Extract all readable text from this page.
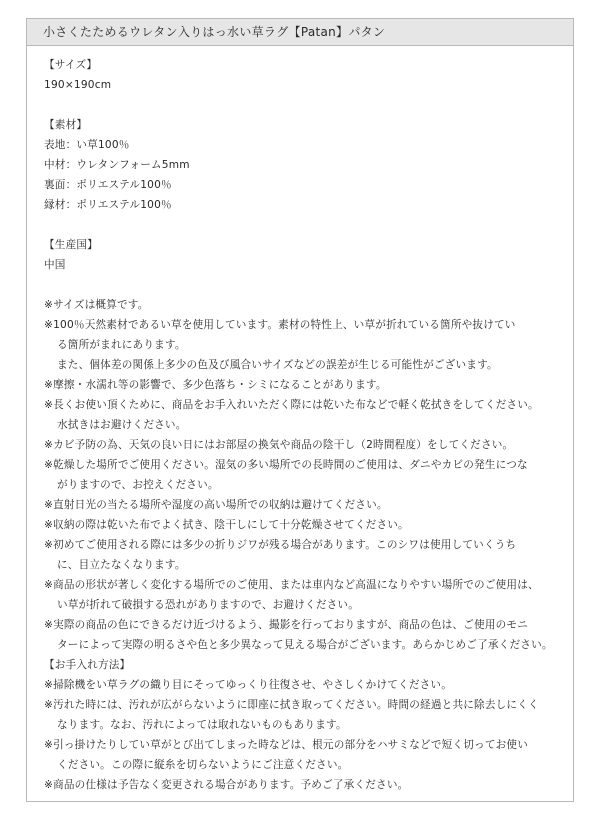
小さくたためるウレタン入りはっ水い草ラグ【Patan】パタン
【サイズ】
190×190cm
【素材】
表地：い草100％
中材：ウレタンフォーム5mm
裏面：ポリエステル100％
縁材：ポリエステル100％
【生産国】
中国
※サイズは概算です。
※100％天然素材であるい草を使用しています。素材の特性上、い草が折れている箇所や抜けてい
る箇所がまれにあります。
また、個体差の関係上多少の色及び風合いサイズなどの誤差が生じる可能性がございます。
※摩擦・水濡れ等の影響で、多少色落ち・シミになることがあります。
※長くお使い頂くために、商品をお手入れいただく際には乾いた布などで軽く乾拭きをしてください。
水拭きはお避けください。
※カビ予防の為、天気の良い日にはお部屋の換気や商品の陰干し（2時間程度）をしてください。
※乾燥した場所でご使用ください。湿気の多い場所での長時間のご使用は、ダニやカビの発生につな
がりますので、お控えください。
※直射日光の当たる場所や湿度の高い場所での収納は避けてください。
※収納の際は乾いた布でよく拭き、陰干しにして十分乾燥させてください。
※初めてご使用される際には多少の折りジワが残る場合があります。このシワは使用していくうち
に、目立たなくなります。
※商品の形状が著しく変化する場所でのご使用、または車内など高温になりやすい場所でのご使用は、
い草が折れて破損する恐れがありますので、お避けください。
※実際の商品の色にできるだけ近づけるよう、撮影を行っておりますが、商品の色は、ご使用のモニ
ターによって実際の明るさや色と多少異なって見える場合がございます。あらかじめご了承ください。
【お手入れ方法】
※掃除機をい草ラグの織り目にそってゆっくり往復させ、やさしくかけてください。
※汚れた時には、汚れが広がらないように即座に拭き取ってください。時間の経過と共に除去しにくく
なります。なお、汚れによっては取れないものもあります。
※引っ掛けたりしてい草がとび出てしまった時などは、根元の部分をハサミなどで短く切ってお使い
ください。この際に縦糸を切らないようにご注意ください。
※商品の仕様は予告なく変更される場合があります。予めご了承ください。
